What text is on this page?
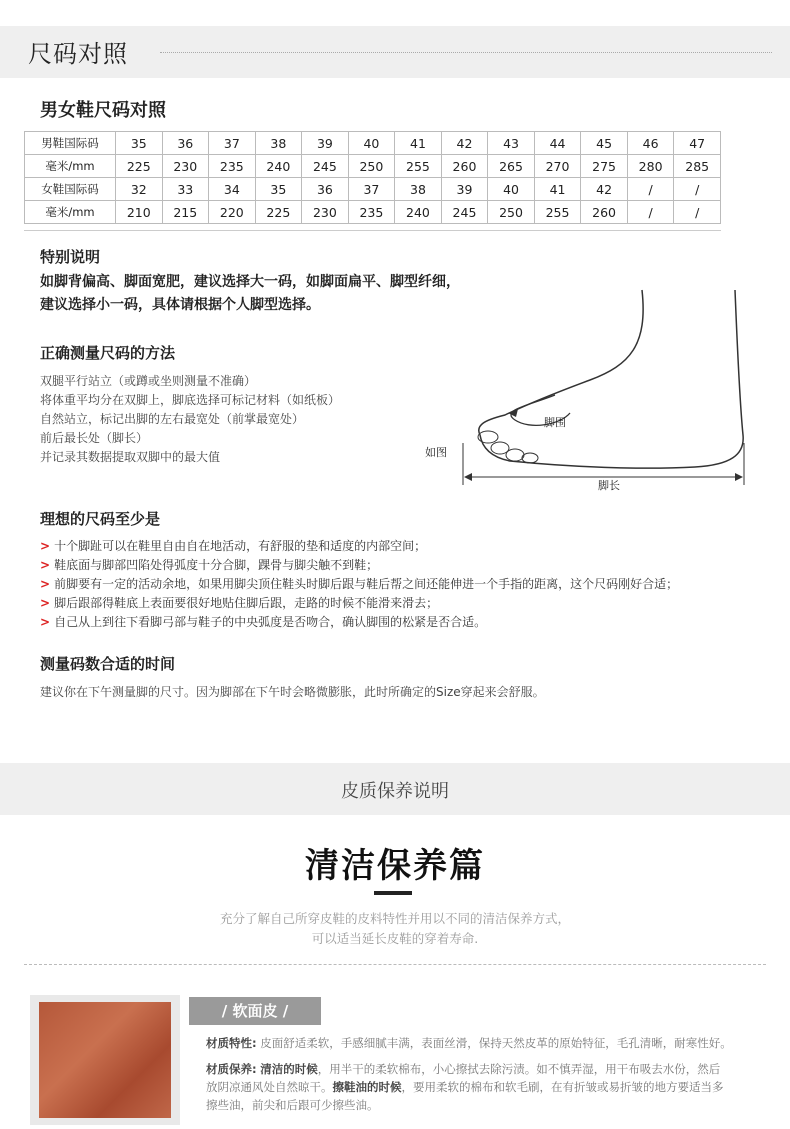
尺码对照
男女鞋尺码对照
男鞋国际码	35	36	37	38	39	40	41	42	43	44	45	46	47
毫米/mm	225	230	235	240	245	250	255	260	265	270	275	280	285
女鞋国际码	32	33	34	35	36	37	38	39	40	41	42	/	/
毫米/mm	210	215	220	225	230	235	240	245	250	255	260	/	/
特别说明
如脚背偏高、脚面宽肥，建议选择大一码，如脚面扁平、脚型纤细，
建议选择小一码，具体请根据个人脚型选择。
正确测量尺码的方法
双腿平行站立（或蹲或坐则测量不准确）
将体重平均分在双脚上，脚底选择可标记材料（如纸板）
自然站立，标记出脚的左右最宽处（前掌最宽处）
前后最长处（脚长）
并记录其数据提取双脚中的最大值
脚围
如图
脚长
理想的尺码至少是
> 十个脚趾可以在鞋里自由自在地活动，有舒服的垫和适度的内部空间；
> 鞋底面与脚部凹陷处得弧度十分合脚，踝骨与脚尖触不到鞋；
> 前脚要有一定的活动余地，如果用脚尖顶住鞋头时脚后跟与鞋后帮之间还能伸进一个手指的距离，这个尺码刚好合适；
> 脚后跟部得鞋底上表面要很好地贴住脚后跟，走路的时候不能滑来滑去；
> 自己从上到往下看脚弓部与鞋子的中央弧度是否吻合，确认脚围的松紧是否合适。
测量码数合适的时间
建议你在下午测量脚的尺寸。因为脚部在下午时会略微膨胀，此时所确定的Size穿起来会舒服。
皮质保养说明
清洁保养篇
充分了解自己所穿皮鞋的皮料特性并用以不同的清洁保养方式，
可以适当延长皮鞋的穿着寿命.
/ 软面皮 /
材质特性: 皮面舒适柔软，手感细腻丰满，表面丝滑，保持天然皮革的原始特征，毛孔清晰，耐寒性好。
材质保养: 清洁的时候，用半干的柔软棉布，小心擦拭去除污渍。如不慎弄湿，用干布吸去水份，然后
放阴凉通风处自然晾干。擦鞋油的时候，要用柔软的棉布和软毛刷，在有折皱或易折皱的地方要适当多
擦些油，前尖和后跟可少擦些油。
